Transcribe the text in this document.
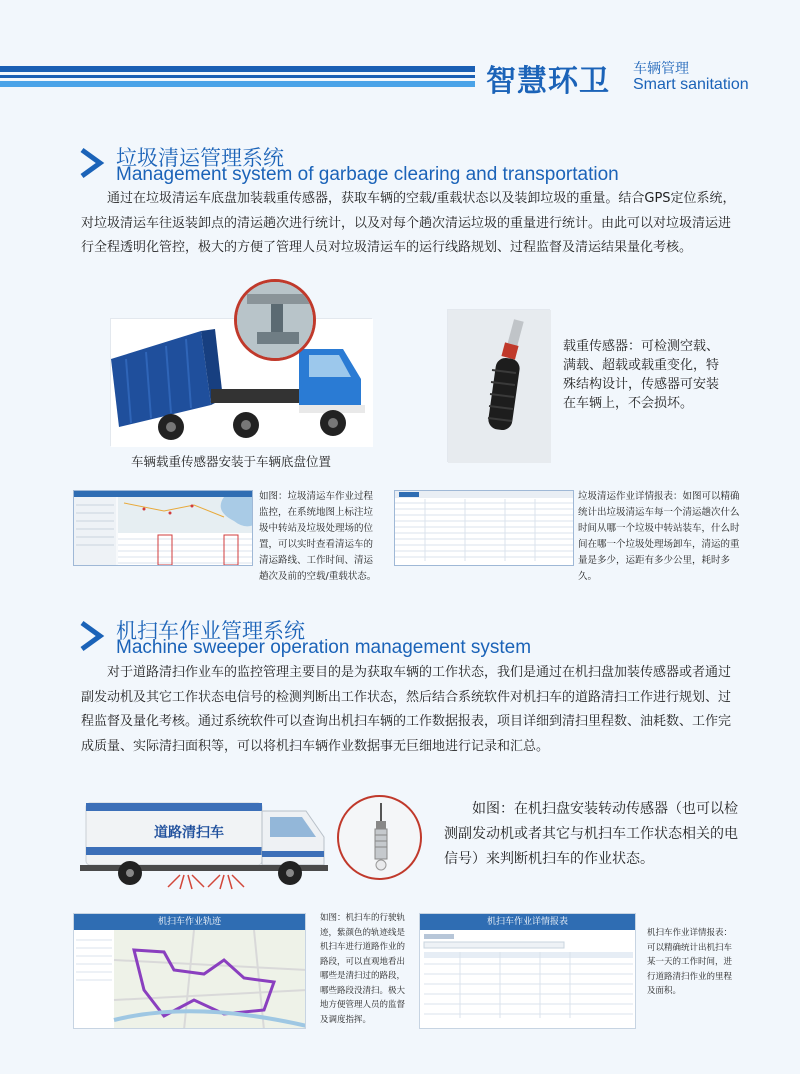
智慧环卫 车辆管理
Smart sanitation
垃圾清运管理系统
Management system of garbage clearing and transportation
通过在垃圾清运车底盘加装载重传感器，获取车辆的空载/重载状态以及装卸垃圾的重量。结合GPS定位系统，对垃圾清运车往返装卸点的清运趟次进行统计，以及对每个趟次清运垃圾的重量进行统计。由此可以对垃圾清运进行全程透明化管控，极大的方便了管理人员对垃圾清运车的运行线路规划、过程监督及清运结果量化考核。
车辆载重传感器安装于车辆底盘位置
载重传感器：可检测空载、满载、超载或载重变化，特殊结构设计，传感器可安装在车辆上，不会损坏。
如图：垃圾清运车作业过程监控，在系统地图上标注垃圾中转站及垃圾处理场的位置，可以实时查看清运车的清运路线、工作时间、清运趟次及前的空载/重载状态。
垃圾清运作业详情报表：如图可以精确统计出垃圾清运车每一个清运趟次什么时间从哪一个垃圾中转站装车，什么时间在哪一个垃圾处理场卸车，清运的重量是多少，运距有多少公里，耗时多久。
机扫车作业管理系统
Machine sweeper operation management system
对于道路清扫作业车的监控管理主要目的是为获取车辆的工作状态，我们是通过在机扫盘加装传感器或者通过副发动机及其它工作状态电信号的检测判断出工作状态，然后结合系统软件对机扫车的道路清扫工作进行规划、过程监督及量化考核。通过系统软件可以查询出机扫车辆的工作数据报表，项目详细到清扫里程数、油耗数、工作完成质量、实际清扫面积等，可以将机扫车辆作业数据事无巨细地进行记录和汇总。
道路清扫车
如图：在机扫盘安装转动传感器（也可以检测副发动机或者其它与机扫车工作状态相关的电信号）来判断机扫车的作业状态。
机扫车作业轨迹	如图：机扫车的行驶轨迹，紫颜色的轨迹线是机扫车进行道路作业的路段，可以直观地看出哪些是清扫过的路段，哪些路段没清扫。极大地方便管理人员的监督及调度指挥。
机扫车作业详情报表
机扫车作业详情报表：可以精确统计出机扫车某一天的工作时间，进行道路清扫作业的里程及面积。
